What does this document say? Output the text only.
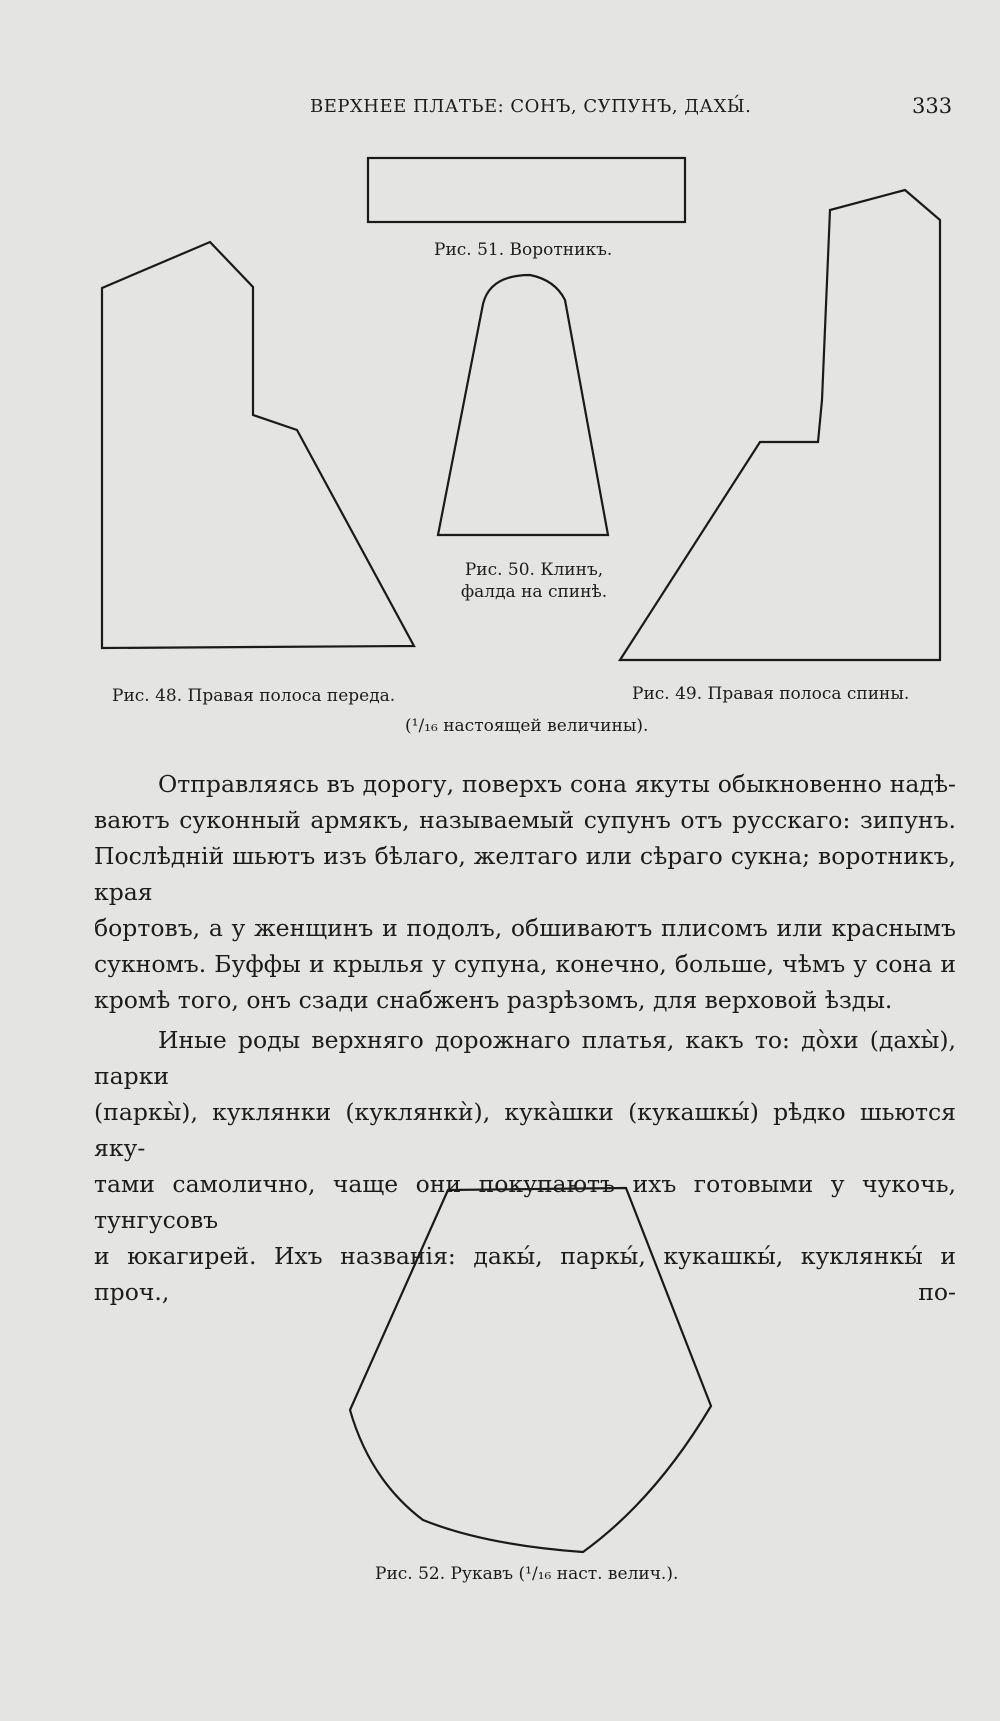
ВЕРХНЕЕ ПЛАТЬЕ: СОНЪ, СУПУНЪ, ДАХЫ́.	333
Рис. 51. Воротникъ.
Рис. 50. Клинъ,
фалда на спинѣ.
Рис. 48. Правая полоса переда.	Рис. 49. Правая полоса спины.
(¹/₁₆ настоящей величины).

Отправляясь въ дорогу, поверхъ сона якуты обыкновенно надѣ-
ваютъ суконный армякъ, называемый супунъ отъ русскаго: зипунъ.
Послѣдній шьютъ изъ бѣлаго, желтаго или сѣраго сукна; воротникъ, края
бортовъ, а у женщинъ и подолъ, обшиваютъ плисомъ или краснымъ
сукномъ. Буффы и крылья у супуна, конечно, больше, чѣмъ у сона и
кромѣ того, онъ сзади снабженъ разрѣзомъ, для верховой ѣзды.

Иные роды верхняго дорожнаго платья, какъ то: дòхи (дахы̀), парки
(паркы̀), куклянки (куклянкѝ), кукàшки (кукашкы́) рѣдко шьются яку-
тами самолично, чаще они покупаютъ ихъ готовыми у чукочь, тунгусовъ
и юкагирей. Ихъ названія: дакы́, паркы́, кукашкы́, куклянкы́ и проч., по-

Рис. 52. Рукавъ (¹/₁₆ наст. велич.).
